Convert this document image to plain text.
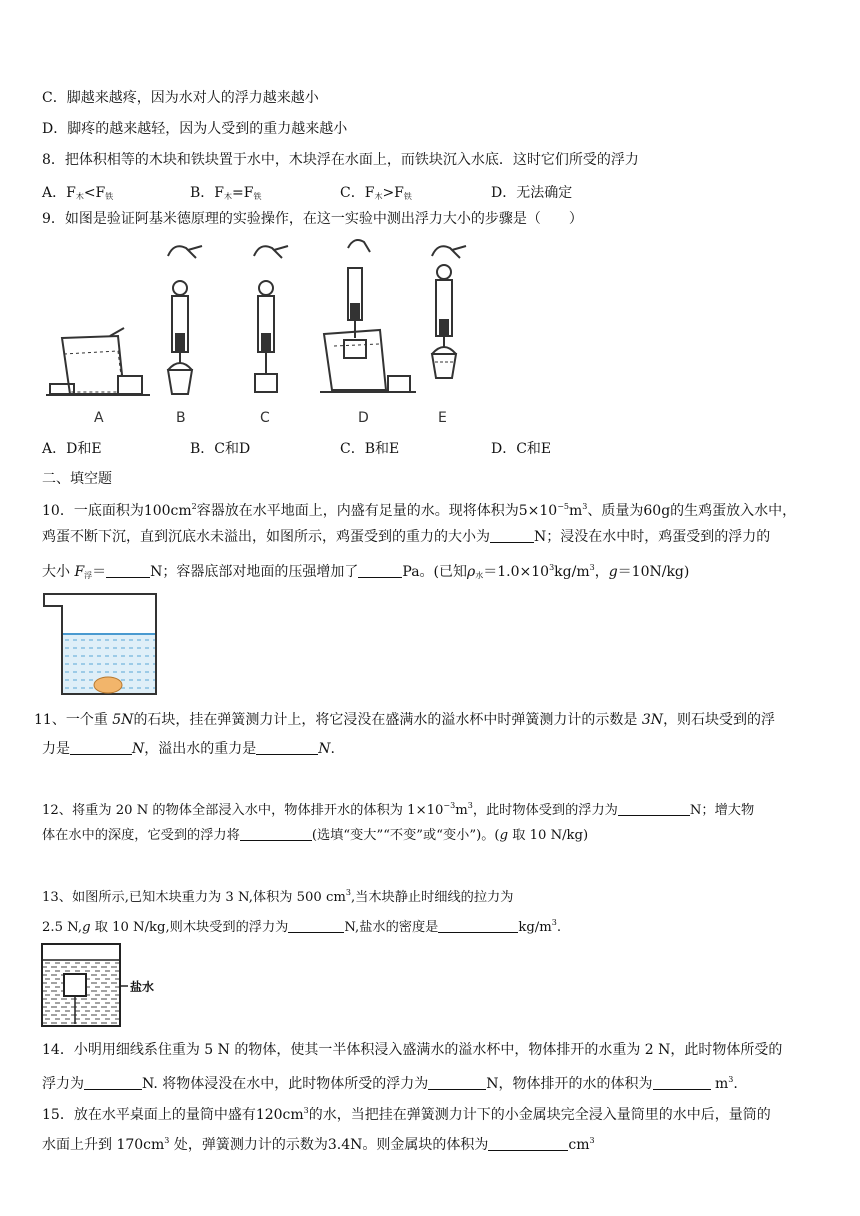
C．脚越来越疼，因为水对人的浮力越来越小
D．脚疼的越来越轻，因为人受到的重力越来越小
8．把体积相等的木块和铁块置于水中，木块浮在水面上，而铁块沉入水底．这时它们所受的浮力
A．$F_木<F_铁$	B．$F_木=F_铁$	C．$F_木>F_铁$	D．无法确定
9．如图是验证阿基米德原理的实验操作，在这一实验中测出浮力大小的步骤是（　　）
A	B	C	D	E
A．D和E	B．C和D	C．B和E	D．C和E
二、填空题
10．一底面积为$100cm^2$容器放在水平地面上，内盛有足量的水。现将体积为$5\times 10^{-5}m^3$、质量为60g的生鸡蛋放入水中，
鸡蛋不断下沉，直到沉底水未溢出，如图所示，鸡蛋受到的重力的大小为	N；浸没在水中时，鸡蛋受到的浮力的
大小 $F_浮=$	N；容器底部对地面的压强增加了	Pa。(已知$\rho_水=1.0\times 10^3kg/m^3$，g＝10N/kg)
11、一个重 5N的石块，挂在弹簧测力计上，将它浸没在盛满水的溢水杯中时弹簧测力计的示数是 3N，则石块受到的浮
力是	N，溢出水的重力是	N.
12、将重为 20 N 的物体全部浸入水中，物体排开水的体积为 $1\times 10^{-3}m^3$，此时物体受到的浮力为	N；增大物
体在水中的深度，它受到的浮力将	(选填“变大”“不变”或“变小”)。(g 取 10 N/kg)
13、如图所示,已知木块重力为 3 N,体积为 500 $cm^3$,当木块静止时细线的拉力为
2.5 N,g 取 10 N/kg,则木块受到的浮力为	N,盐水的密度是	$kg/m^3$.
盐水
14．小明用细线系住重为 5 N 的物体，使其一半体积浸入盛满水的溢水杯中，物体排开的水重为 2 N，此时物体所受的
浮力为	N. 将物体浸没在水中，此时物体所受的浮力为	N，物体排开的水的体积为	$m^3$.
15．放在水平桌面上的量筒中盛有$120cm^3$的水，当把挂在弹簧测力计下的小金属块完全浸入量筒里的水中后，量筒的
水面上升到 $170cm^3$ 处，弹簧测力计的示数为3.4N。则金属块的体积为	$cm^3$
